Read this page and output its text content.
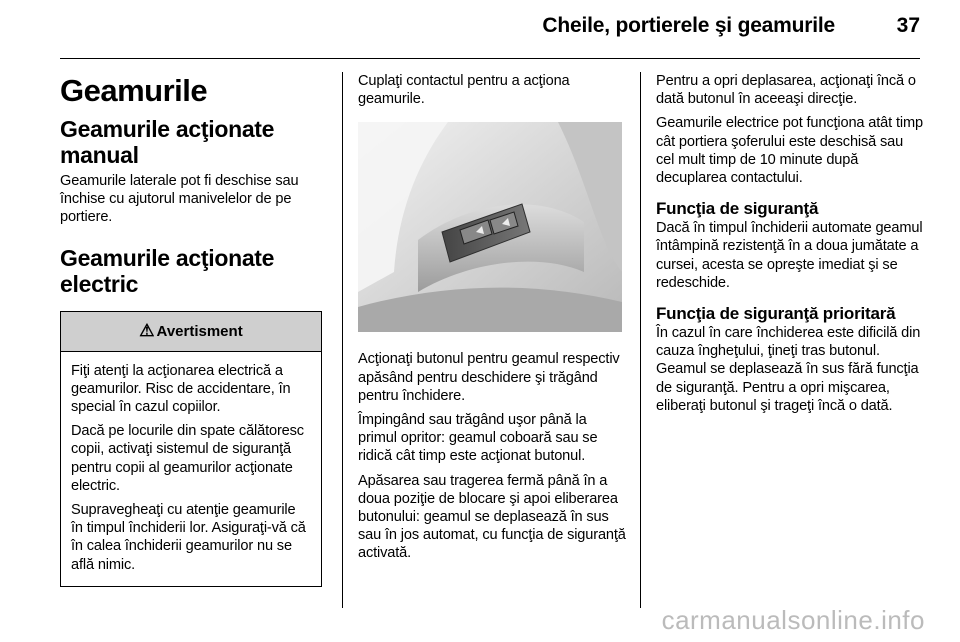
Cheile, portierele şi geamurile	37
Geamurile
Geamurile acţionate manual
Geamurile laterale pot fi deschise sau închise cu ajutorul manivelelor de pe portiere.
Geamurile acţionate electric
⚠ Avertisment
Fiţi atenţi la acţionarea electrică a geamurilor. Risc de accidentare, în special în cazul copiilor.
Dacă pe locurile din spate călătoresc copii, activaţi sistemul de siguranţă pentru copii al geamurilor acţionate electric.
Supravegheaţi cu atenţie geamurile în timpul închiderii lor. Asiguraţi-vă că în calea închiderii geamurilor nu se află nimic.
Cuplaţi contactul pentru a acţiona geamurile.
Acţionaţi butonul pentru geamul respectiv apăsând pentru deschidere şi trăgând pentru închidere.
Împingând sau trăgând uşor până la primul opritor: geamul coboară sau se ridică cât timp este acţionat butonul.
Apăsarea sau tragerea fermă până în a doua poziţie de blocare şi apoi eliberarea butonului: geamul se deplasează în sus sau în jos automat, cu funcţia de siguranţă activată.
Pentru a opri deplasarea, acţionaţi încă o dată butonul în aceeaşi direcţie.
Geamurile electrice pot funcţiona atât timp cât portiera şoferului este deschisă sau cel mult timp de 10 minute după decuplarea contactului.
Funcţia de siguranţă
Dacă în timpul închiderii automate geamul întâmpină rezistenţă în a doua jumătate a cursei, acesta se opreşte imediat şi se redeschide.
Funcţia de siguranţă prioritară
În cazul în care închiderea este dificilă din cauza îngheţului, ţineţi tras butonul. Geamul se deplasează în sus fără funcţia de siguranţă. Pentru a opri mişcarea, eliberaţi butonul şi trageţi încă o dată.
carmanualsonline.info
